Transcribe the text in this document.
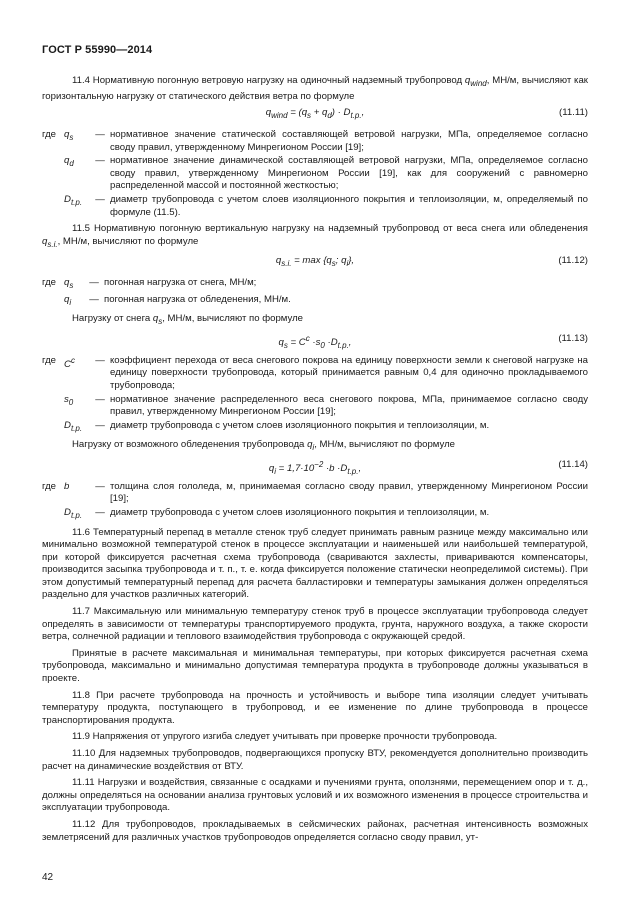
ГОСТ Р 55990—2014

11.4 Нормативную погонную ветровую нагрузку на одиночный надземный трубопровод $q_{wind}$, МН/м, вычисляют как горизонтальную нагрузку от статического действия ветра по формуле

$q_{wind} = (q_s + q_d) \cdot D_{t.p.}$,	(11.11)
где $q_s$	— нормативное значение статической составляющей ветровой нагрузки, МПа, определяемое согласно своду правил, утвержденному Минрегионом России [19];
$q_d$	— нормативное значение динамической составляющей ветровой нагрузки, МПа, определяемое согласно своду правил, утвержденному Минрегионом России [19], как для сооружений с равномерно распределенной массой и постоянной жесткостью;
$D_{t.p.}$	— диаметр трубопровода с учетом слоев изоляционного покрытия и теплоизоляции, м, определяемый по формуле (11.5).

11.5 Нормативную погонную вертикальную нагрузку на надземный трубопровод от веса снега или обледенения $q_{s.i.}$, МН/м, вычисляют по формуле

$q_{s.i.} = \max \{q_s$; $q_i$},	(11.12)
где $q_s$	— погонная нагрузка от снега, МН/м;
$q_i$	— погонная нагрузка от обледенения, МН/м.

Нагрузку от снега $q_s$, МН/м, вычисляют по формуле

$q_s = C^c \cdot s_0 \cdot D_{t.p.}$,	(11.13)
где $C^c$	— коэффициент перехода от веса снегового покрова на единицу поверхности земли к снеговой нагрузке на единицу поверхности трубопровода, который принимается равным 0,4 для одиночно прокладываемого трубопровода;
$s_0$	— нормативное значение распределенного веса снегового покрова, МПа, принимаемое согласно своду правил, утвержденному Минрегионом России [19];
$D_{t.p.}$	— диаметр трубопровода с учетом слоев изоляционного покрытия и теплоизоляции, м.

Нагрузку от возможного обледенения трубопровода $q_i$, МН/м, вычисляют по формуле

$q_i = 1,7\cdot 10^{-2} \cdot b \cdot D_{t.p.}$,	(11.14)
где b	— толщина слоя гололеда, м, принимаемая согласно своду правил, утвержденному Минрегионом России [19];
$D_{t.p.}$	— диаметр трубопровода с учетом слоев изоляционного покрытия и теплоизоляции, м.

11.6 Температурный перепад в металле стенок труб следует принимать равным разнице между максимально или минимально возможной температурой стенок в процессе эксплуатации и наименьшей или наибольшей температурой, при которой фиксируется расчетная схема трубопровода (свариваются захлесты, привариваются компенсаторы, производится засыпка трубопровода и т. п., т. е. когда фиксируется положение статически неопределимой системы). При этом допустимый температурный перепад для расчета балластировки и температуры замыкания должен определяться раздельно для участков различных категорий.

11.7 Максимальную или минимальную температуру стенок труб в процессе эксплуатации трубопровода следует определять в зависимости от температуры транспортируемого продукта, грунта, наружного воздуха, а также скорости ветра, солнечной радиации и теплового взаимодействия трубопровода с окружающей средой.

Принятые в расчете максимальная и минимальная температуры, при которых фиксируется расчетная схема трубопровода, максимально и минимально допустимая температура продукта в трубопроводе должны указываться в проекте.

11.8 При расчете трубопровода на прочность и устойчивость и выборе типа изоляции следует учитывать температуру продукта, поступающего в трубопровод, и ее изменение по длине трубопровода в процессе транспортирования продукта.

11.9 Напряжения от упругого изгиба следует учитывать при проверке прочности трубопровода.

11.10 Для надземных трубопроводов, подвергающихся пропуску ВТУ, рекомендуется дополнительно производить расчет на динамические воздействия от ВТУ.

11.11 Нагрузки и воздействия, связанные с осадками и пучениями грунта, оползнями, перемещением опор и т. д., должны определяться на основании анализа грунтовых условий и их возможного изменения в процессе строительства и эксплуатации трубопровода.

11.12 Для трубопроводов, прокладываемых в сейсмических районах, расчетная интенсивность возможных землетрясений для различных участков трубопроводов определяется согласно своду правил, ут-

42
